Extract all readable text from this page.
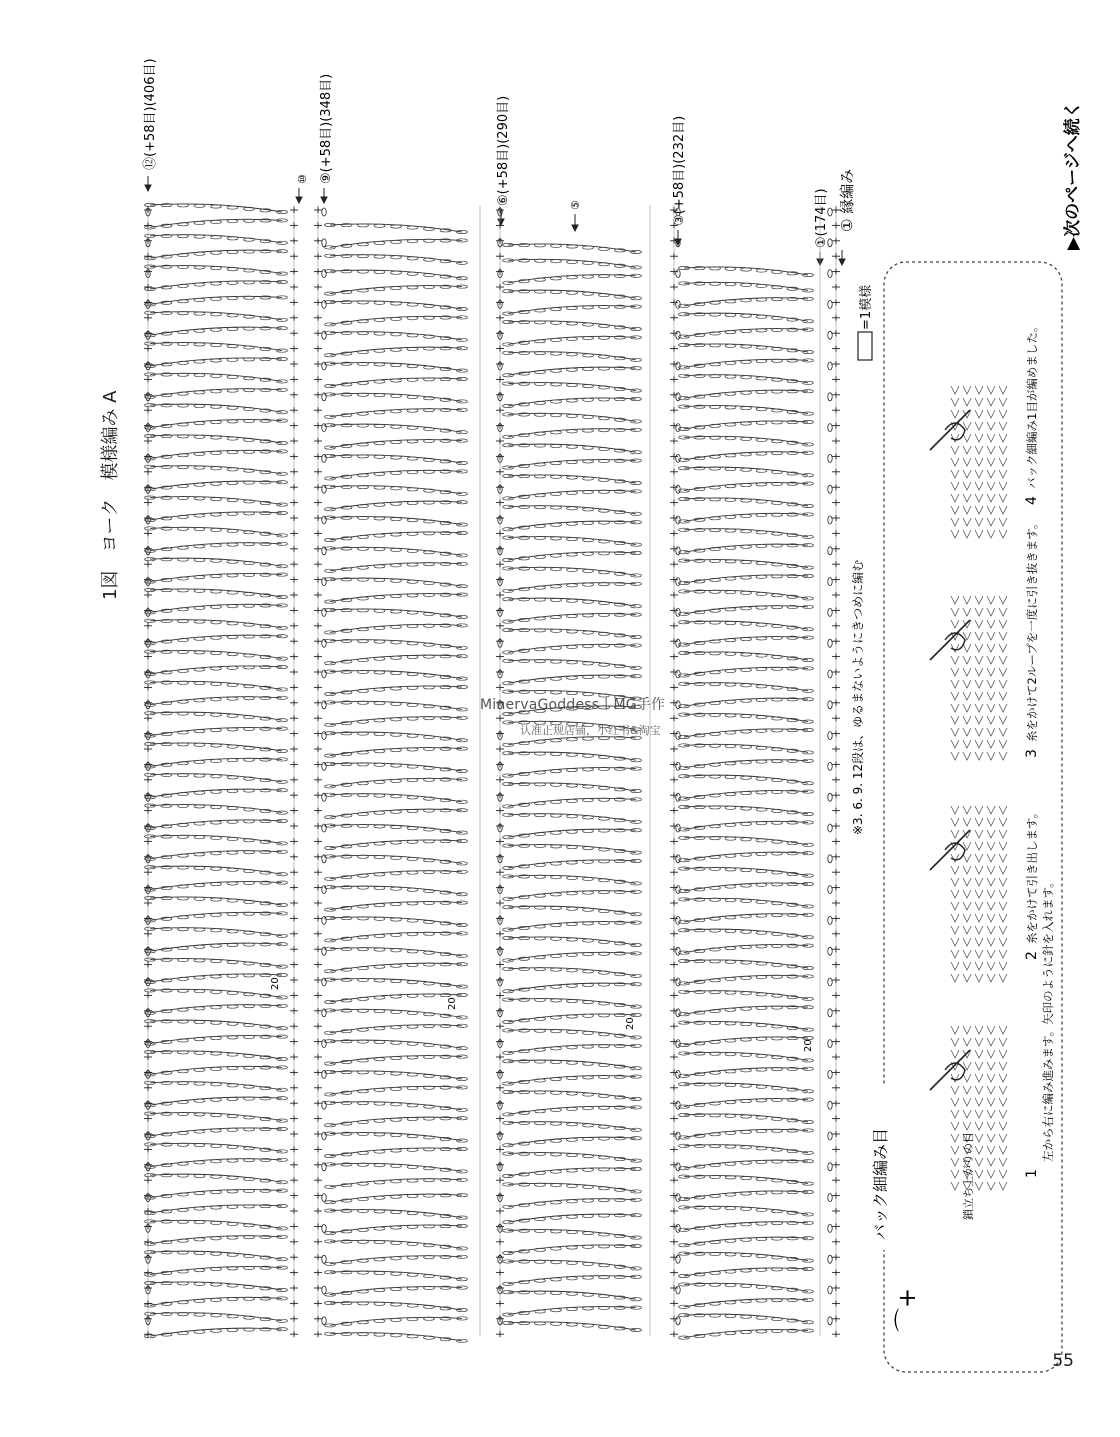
⑫(+58目)(406目)
⑩ ⑨(+58目)(348目)	⑥(+58目)(290目)	⑤	③(+58目)(232目)	①(174目) ① 縁編み
20
20
20
20
※3. 6. 9. 12段は、ゆるまないようにきつめに編む
=1模様
バック細編み目
⌒+
鎖立ち上がりの目	1
左から右に編み進みます。矢印のように針を入れます。
2
糸をかけて引き出します。
3
糸をかけて2ループを一度に引き抜きます。
4
バック細編み1目が編めました。
▶次のページへ続く
1図　ヨーク　模様編み A
MinervaGoddess丨MG手作
认准正规店铺，小红书&淘宝
55
